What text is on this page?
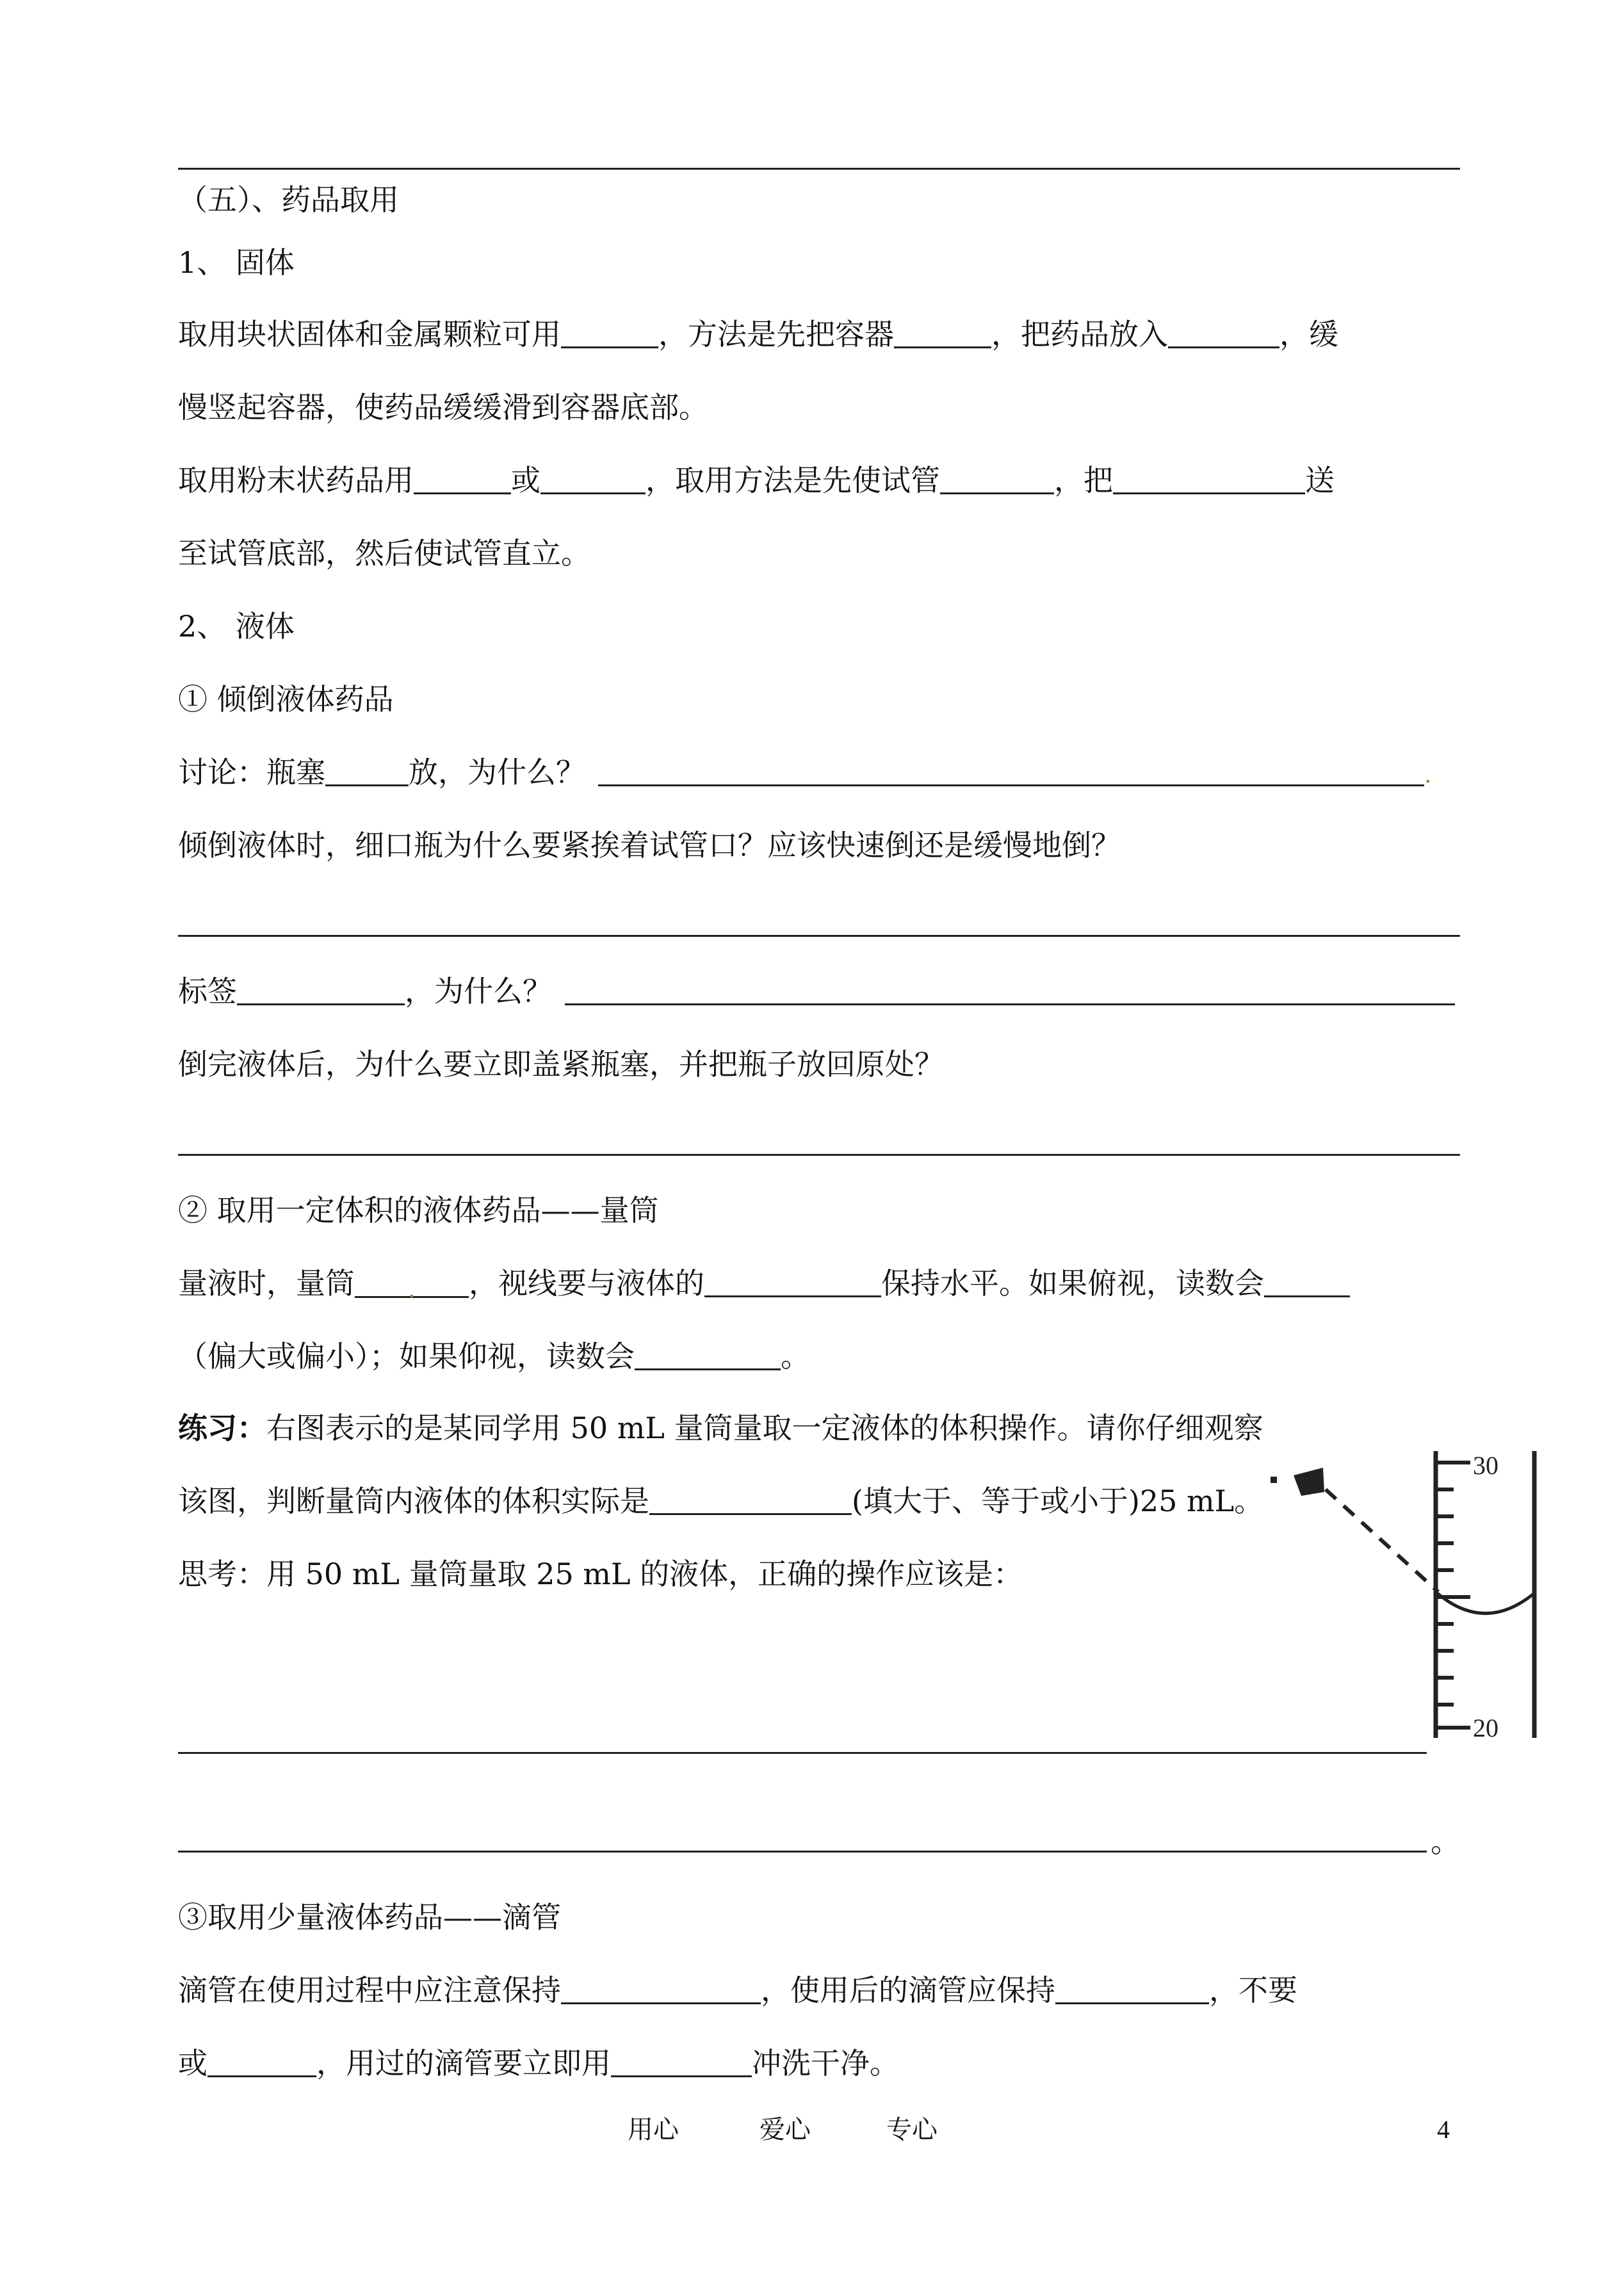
（五）、药品取用
1、 固体
取用块状固体和金属颗粒可用	，方法是先把容器	，把药品放入	，缓
慢竖起容器，使药品缓缓滑到容器底部。
取用粉末状药品用	或	，取用方法是先使试管	，把	送
至试管底部，然后使试管直立。
2、 液体
① 倾倒液体药品
讨论：瓶塞	放，为什么？	.
倾倒液体时，细口瓶为什么要紧挨着试管口？应该快速倒还是缓慢地倒？
标签	，为什么？
倒完液体后，为什么要立即盖紧瓶塞，并把瓶子放回原处？
② 取用一定体积的液体药品——量筒
量液时，量筒 . ，视线要与液体的	保持水平。如果俯视，读数会
（偏大或偏小）；如果仰视，读数会	。
练习：右图表示的是某同学用 50 mL 量筒量取一定液体的体积操作。请你仔细观察
该图，判断量筒内液体的体积实际是	(填大于、等于或小于)25 mL。
思考：用 50 mL 量筒量取 25 mL 的液体，正确的操作应该是：
。
③取用少量液体药品——滴管
滴管在使用过程中应注意保持	，使用后的滴管应保持	，不要
或	，用过的滴管要立即用	冲洗干净。
30
20
用心	爱心	专心	4
